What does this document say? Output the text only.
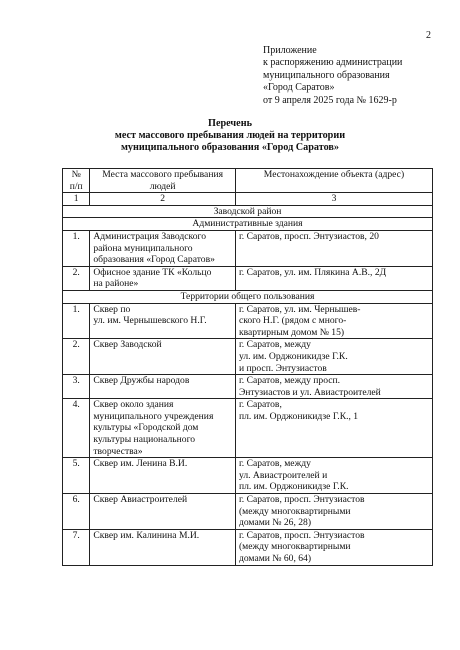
2
Приложение
к распоряжению администрации
муниципального образования
«Город Саратов»
от 9 апреля 2025 года № 1629-р
Перечень
мест массового пребывания людей на территории
муниципального образования «Город Саратов»
№
п/п	Места массового пребывания
людей	Местонахождение объекта (адрес)
1	2	3
Заводской район		
Административные здания		
1.	Администрация Заводского
района муниципального
образования «Город Саратов»	г. Саратов, просп. Энтузиастов, 20

2.	Офисное здание ТК «Кольцо
на районе»	г. Саратов, ул. им. Плякина А.В., 2Д

Территории общего пользования		
1.	Сквер по
ул. им. Чернышевского Н.Г.	г. Саратов, ул. им. Чернышев-
ского Н.Г. (рядом с много-
квартирным домом № 15)

2.	Сквер Заводской	г. Саратов, между
ул. им. Орджоникидзе Г.К.
и просп. Энтузиастов

3.	Сквер Дружбы народов	г. Саратов, между просп.
Энтузиастов и ул. Авиастроителей

4.	Сквер около здания
муниципального учреждения
культуры «Городской дом
культуры национального
творчества»	г. Саратов,
пл. им. Орджоникидзе Г.К., 1

5.	Сквер им. Ленина В.И.	г. Саратов, между
ул. Авиастроителей и
пл. им. Орджоникидзе Г.К.

6.	Сквер Авиастроителей	г. Саратов, просп. Энтузиастов
(между многоквартирными
домами № 26, 28)

7.	Сквер им. Калинина М.И.	г. Саратов, просп. Энтузиастов
(между многоквартирными
домами № 60, 64)
